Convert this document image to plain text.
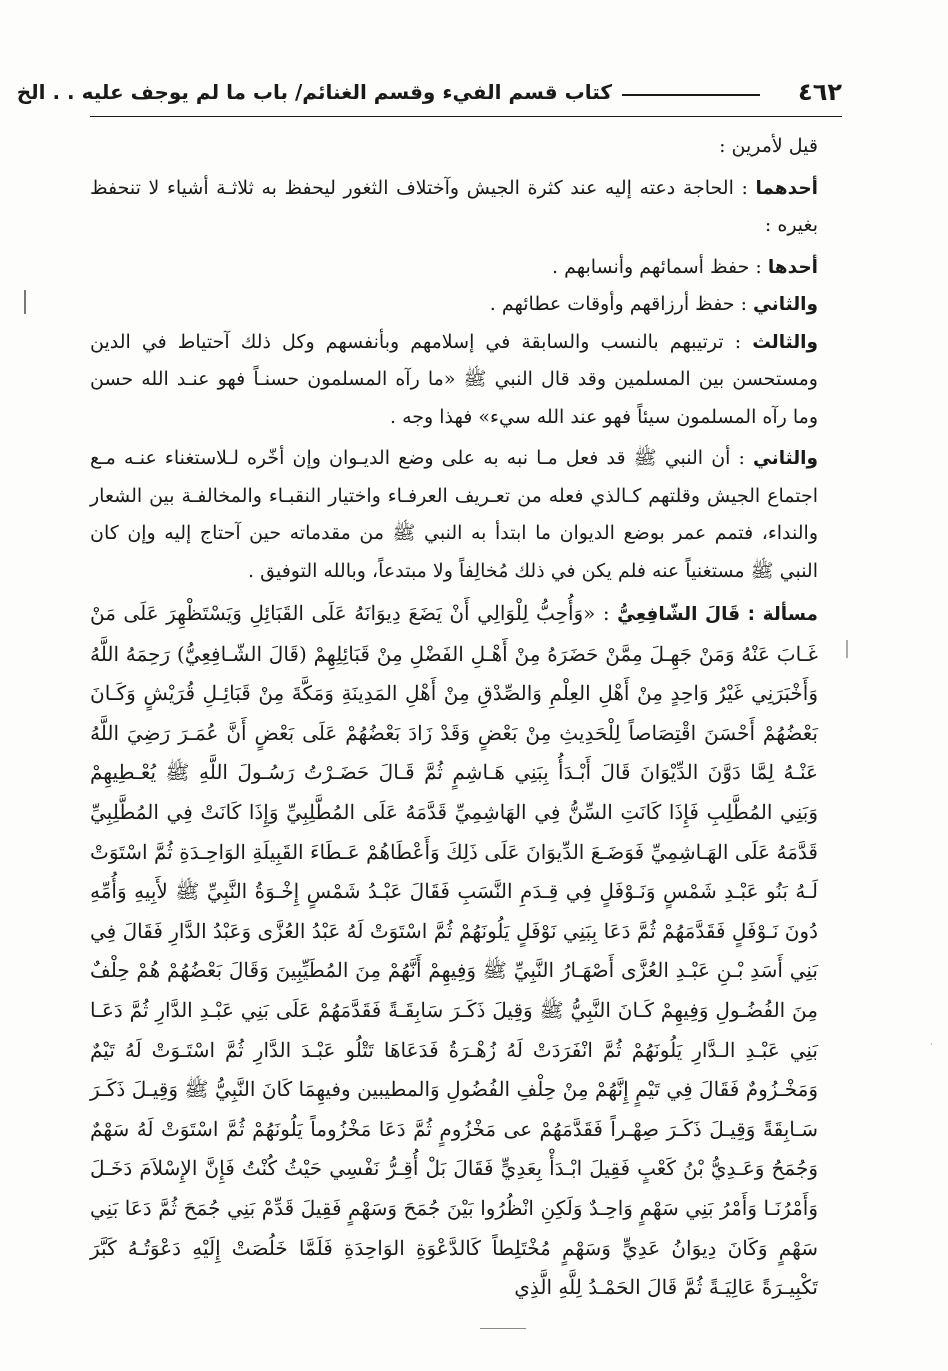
٤٦٢
كتاب قسم الفيء وقسم الغنائم/ باب ما لم يوجف عليه . . الخ

قيل لأمرين :

أحدهما : الحاجة دعته إليه عند كثرة الجيش وآختلاف الثغور ليحفظ به ثلاثـة أشياء لا تنحفظ بغيره :

أحدها : حفظ أسمائهم وأنسابهم .

والثاني : حفظ أرزاقهم وأوقات عطائهم .

والثالث : ترتيبهم بالنسب والسابقة في إسلامهم وبأنفسهم وكل ذلك آحتياط في الدين ومستحسن بين المسلمين وقد قال النبي ﷺ «ما رآه المسلمون حسنـاً فهو عنـد الله حسن وما رآه المسلمون سيئاً فهو عند الله سيء» فهذا وجه .

والثاني : أن النبي ﷺ قد فعل مـا نبه به على وضع الديـوان وإن أخّره لـلاستغناء عنـه مـع اجتماع الجيش وقلتهم كـالذي فعله من تعـريف العرفـاء واختيار النقبـاء والمخالفـة بين الشعار والنداء، فتمم عمر بوضع الديوان ما ابتدأ به النبي ﷺ من مقدماته حين آحتاج إليه وإن كان النبي ﷺ مستغنياً عنه فلم يكن في ذلك مُخالِفاً ولا مبتدعاً، وبالله التوفيق .

مسألة : قَالَ الشّافِعِيُّ : «وَأُحِبُّ لِلْوَالِي أَنْ يَضَعَ دِيوَانَهُ عَلَى القَبَائِلِ وَيَسْتَظْهِرَ عَلَى مَنْ غَـابَ عَنْهُ وَمَنْ جَهِـلَ مِمَّنْ حَضَرَهُ مِنْ أَهْـلِ الفَضْلِ مِنْ قَبَائِلِهِمْ (قَالَ الشّـافِعِيُّ) رَحِمَهُ اللَّهُ وَأَخْبَرَنِي غَيْرُ وَاحِدٍ مِنْ أَهْلِ العِلْمِ وَالصِّدْقِ مِنْ أَهْلِ المَدِينَةِ وَمَكَّةَ مِنْ قَبَائِـلِ قُرَيْشٍ وَكَـانَ بَعْضُهُمْ أَحْسَنَ اقْتِصَاصاً لِلْحَدِيثِ مِنْ بَعْضٍ وَقَدْ زَادَ بَعْضُهُمْ عَلَى بَعْضٍ أَنَّ عُمَـرَ رَضِيَ اللَّهُ عَنْـهُ لِمَّا دَوَّنَ الدِّيْوَانَ قَالَ أَبْـدَأُ بِبَنِي هَـاشِمٍ ثُمَّ قَـالَ حَضَـرْتُ رَسُـولَ اللَّهِ ﷺ يُعْـطِيهِمْ وَبَنِي المُطَّلِبِ فَإِذَا كَانَتِ السِّنُّ فِي الهَاشِمِيِّ قَدَّمَهُ عَلَى المُطَّلِبِيِّ وَإِذَا كَانَتْ فِي المُطَّلِبِيِّ قَدَّمَهُ عَلَى الهَـاشِمِيِّ فَوَضَـعَ الدِّيوَانَ عَلَى ذَلِكَ وَأَعْطَاهُمْ عَـطَاءَ القَبِيلَةِ الوَاحِـدَةِ ثُمَّ اسْتَوَتْ لَـهُ بَنُو عَبْـدِ شَمْسٍ وَنَـوْفَلٍ فِي قِـدَمِ النَّسَبِ فَقَالَ عَبْـدُ شَمْسٍ إِخْـوَةُ النَّبِيِّ ﷺ لأَبِيهِ وَأُمِّهِ دُونَ نَـوْفَلٍ فَقَدَّمَهُمْ ثُمَّ دَعَا بِبَنِي نَوْفَلٍ يَلُونَهُمْ ثُمَّ اسْتَوَتْ لَهُ عَبْدُ العُزَّى وَعَبْدُ الدَّارِ فَقَالَ فِي بَنِي أَسَدِ بْـنِ عَبْـدِ العُزَّى أَصْهَـارُ النَّبِيِّ ﷺ وَفِيهِمْ أَنَّهُمْ مِنَ المُطَيِّبِينَ وَقَالَ بَعْضُهُمْ هُمْ حِلْفٌ مِنَ الفُضُـولِ وَفِيهِمْ كَـانَ النَّبِيُّ ﷺ وَقِيلَ ذَكَـرَ سَابِقَـةً فَقَدَّمَهُمْ عَلَى بَنِي عَبْـدِ الدَّارِ ثُمَّ دَعَـا بَنِي عَبْـدِ الـدَّارِ يَلُونَهُمْ ثُمَّ انْفَرَدَتْ لَهُ زُهْـرَةُ فَدَعَاهَا تَتْلُو عَبْـدَ الدَّارِ ثُمَّ اسْتَـوَتْ لَهُ تَيْمٌ وَمَخْـزُومٌ فَقَالَ فِي تَيْمٍ إِنَّهُمْ مِنْ حِلْفِ الفُضُولِ وَالمطيبين وفيهِمَا كَانَ النَّبِيُّ ﷺ وَقِيـلَ ذَكَـرَ سَـابِقَةً وَقِيـلَ ذَكَـرَ صِهْـراً فَقَدَّمَهُمْ عى مَخْزُومٍ ثُمَّ دَعَا مَخْزُوماً يَلُونَهُمْ ثُمَّ اسْتَوَتْ لَهُ سَهْمٌ وَجُمَحُ وَعَـدِيُّ بْنُ كَعْبٍ فَقِيلَ ابْـدَأْ بِعَدِيٍّ فَقَالَ بَلْ أُقِـرُّ نَفْسِي حَيْثُ كُنْتُ فَإِنَّ الإِسْلاَمَ دَخَـلَ وَأَمْرُنَـا وَأَمْرُ بَنِي سَهْمٍ وَاحِـدٌ وَلَكِنِ انْظُرُوا بَيْنَ جُمَحَ وَسَهْمٍ فَقِيلَ قَدِّمْ بَنِي جُمَحَ ثُمَّ دَعَا بَنِي سَهْمٍ وَكَانَ دِيوَانُ عَدِيٍّ وَسَهْمٍ مُخْتَلِطاً كَالدَّعْوَةِ الوَاحِدَةِ فَلَمَّا خَلُصَتْ إِلَيْهِ دَعْوَتُـهُ كَبَّرَ تَكْبِيـرَةً عَالِيَـةً ثُمَّ قَالَ الحَمْـدُ لِلَّهِ الَّذِي

·
